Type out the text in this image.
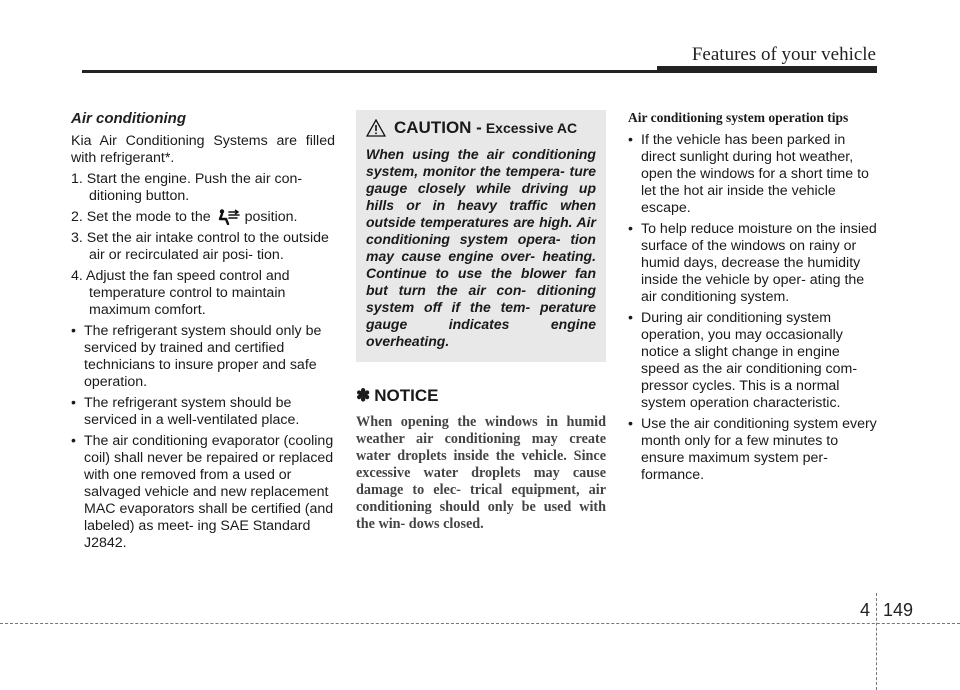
Features of your vehicle
Air conditioning

Kia Air Conditioning Systems are filled with refrigerant*.

1. Start the engine. Push the air con- ditioning button.
2. Set the mode to the position.
3. Set the air intake control to the outside air or recirculated air posi- tion.
4. Adjust the fan speed control and temperature control to maintain maximum comfort.
• The refrigerant system should only be serviced by trained and certified technicians to insure proper and safe operation.
• The refrigerant system should be serviced in a well-ventilated place.
• The air conditioning evaporator (cooling coil) shall never be repaired or replaced with one removed from a used or salvaged vehicle and new replacement MAC evaporators shall be certified (and labeled) as meet- ing SAE Standard J2842.
CAUTION - Excessive AC

When using the air conditioning system, monitor the tempera- ture gauge closely while driving up hills or in heavy traffic when outside temperatures are high. Air conditioning system opera- tion may cause engine over- heating. Continue to use the blower fan but turn the air con- ditioning system off if the tem- perature gauge indicates engine overheating.

✽ NOTICE

When opening the windows in humid weather air conditioning may create water droplets inside the vehicle. Since excessive water droplets may cause damage to elec- trical equipment, air conditioning should only be used with the win- dows closed.

Air conditioning system operation tips
• If the vehicle has been parked in direct sunlight during hot weather, open the windows for a short time to let the hot air inside the vehicle escape.
• To help reduce moisture on the insied surface of the windows on rainy or humid days, decrease the humidity inside the vehicle by oper- ating the air conditioning system.
• During air conditioning system operation, you may occasionally notice a slight change in engine speed as the air conditioning com- pressor cycles. This is a normal system operation characteristic.
• Use the air conditioning system every month only for a few minutes to ensure maximum system per- formance.
4 149
